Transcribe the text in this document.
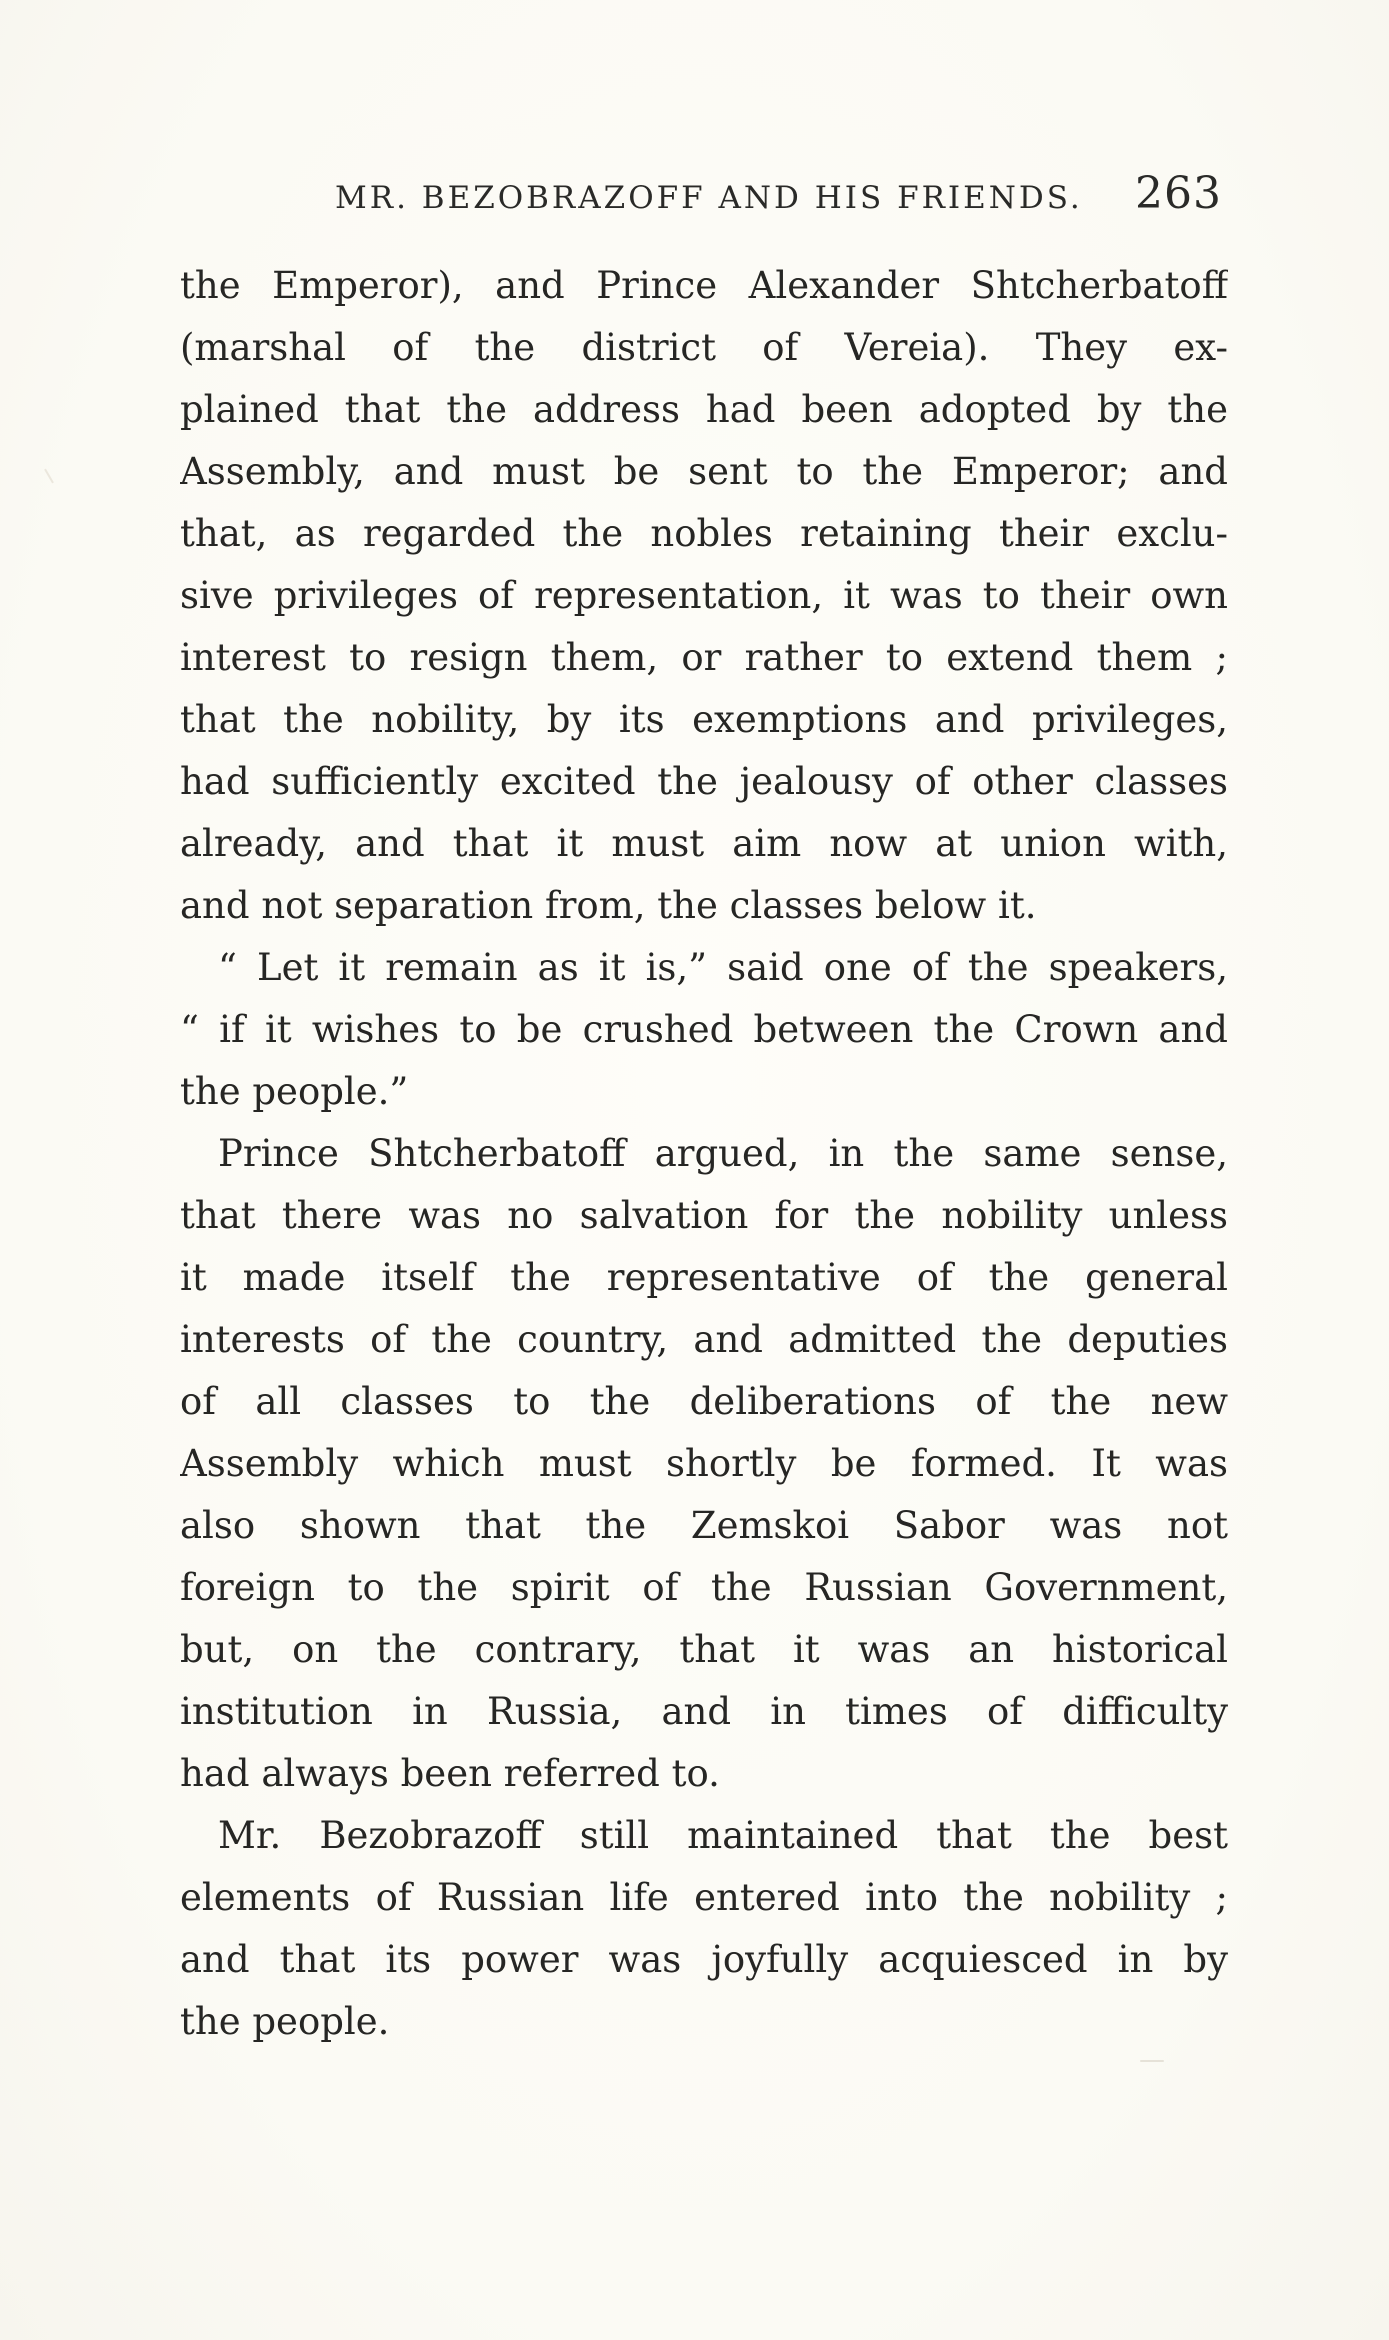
MR. BEZOBRAZOFF AND HIS FRIENDS. 263
the Emperor), and Prince Alexander Shtcherbatoff
(marshal of the district of Vereia). They ex-
plained that the address had been adopted by the
Assembly, and must be sent to the Emperor; and
that, as regarded the nobles retaining their exclu-
sive privileges of representation, it was to their own
interest to resign them, or rather to extend them ;
that the nobility, by its exemptions and privileges,
had sufficiently excited the jealousy of other classes
already, and that it must aim now at union with,
and not separation from, the classes below it.
“ Let it remain as it is,” said one of the speakers,
“ if it wishes to be crushed between the Crown and
the people.”
Prince Shtcherbatoff argued, in the same sense,
that there was no salvation for the nobility unless
it made itself the representative of the general
interests of the country, and admitted the deputies
of all classes to the deliberations of the new
Assembly which must shortly be formed. It was
also shown that the Zemskoi Sabor was not
foreign to the spirit of the Russian Government,
but, on the contrary, that it was an historical
institution in Russia, and in times of difficulty
had always been referred to.
Mr. Bezobrazoff still maintained that the best
elements of Russian life entered into the nobility ;
and that its power was joyfully acquiesced in by
the people.
